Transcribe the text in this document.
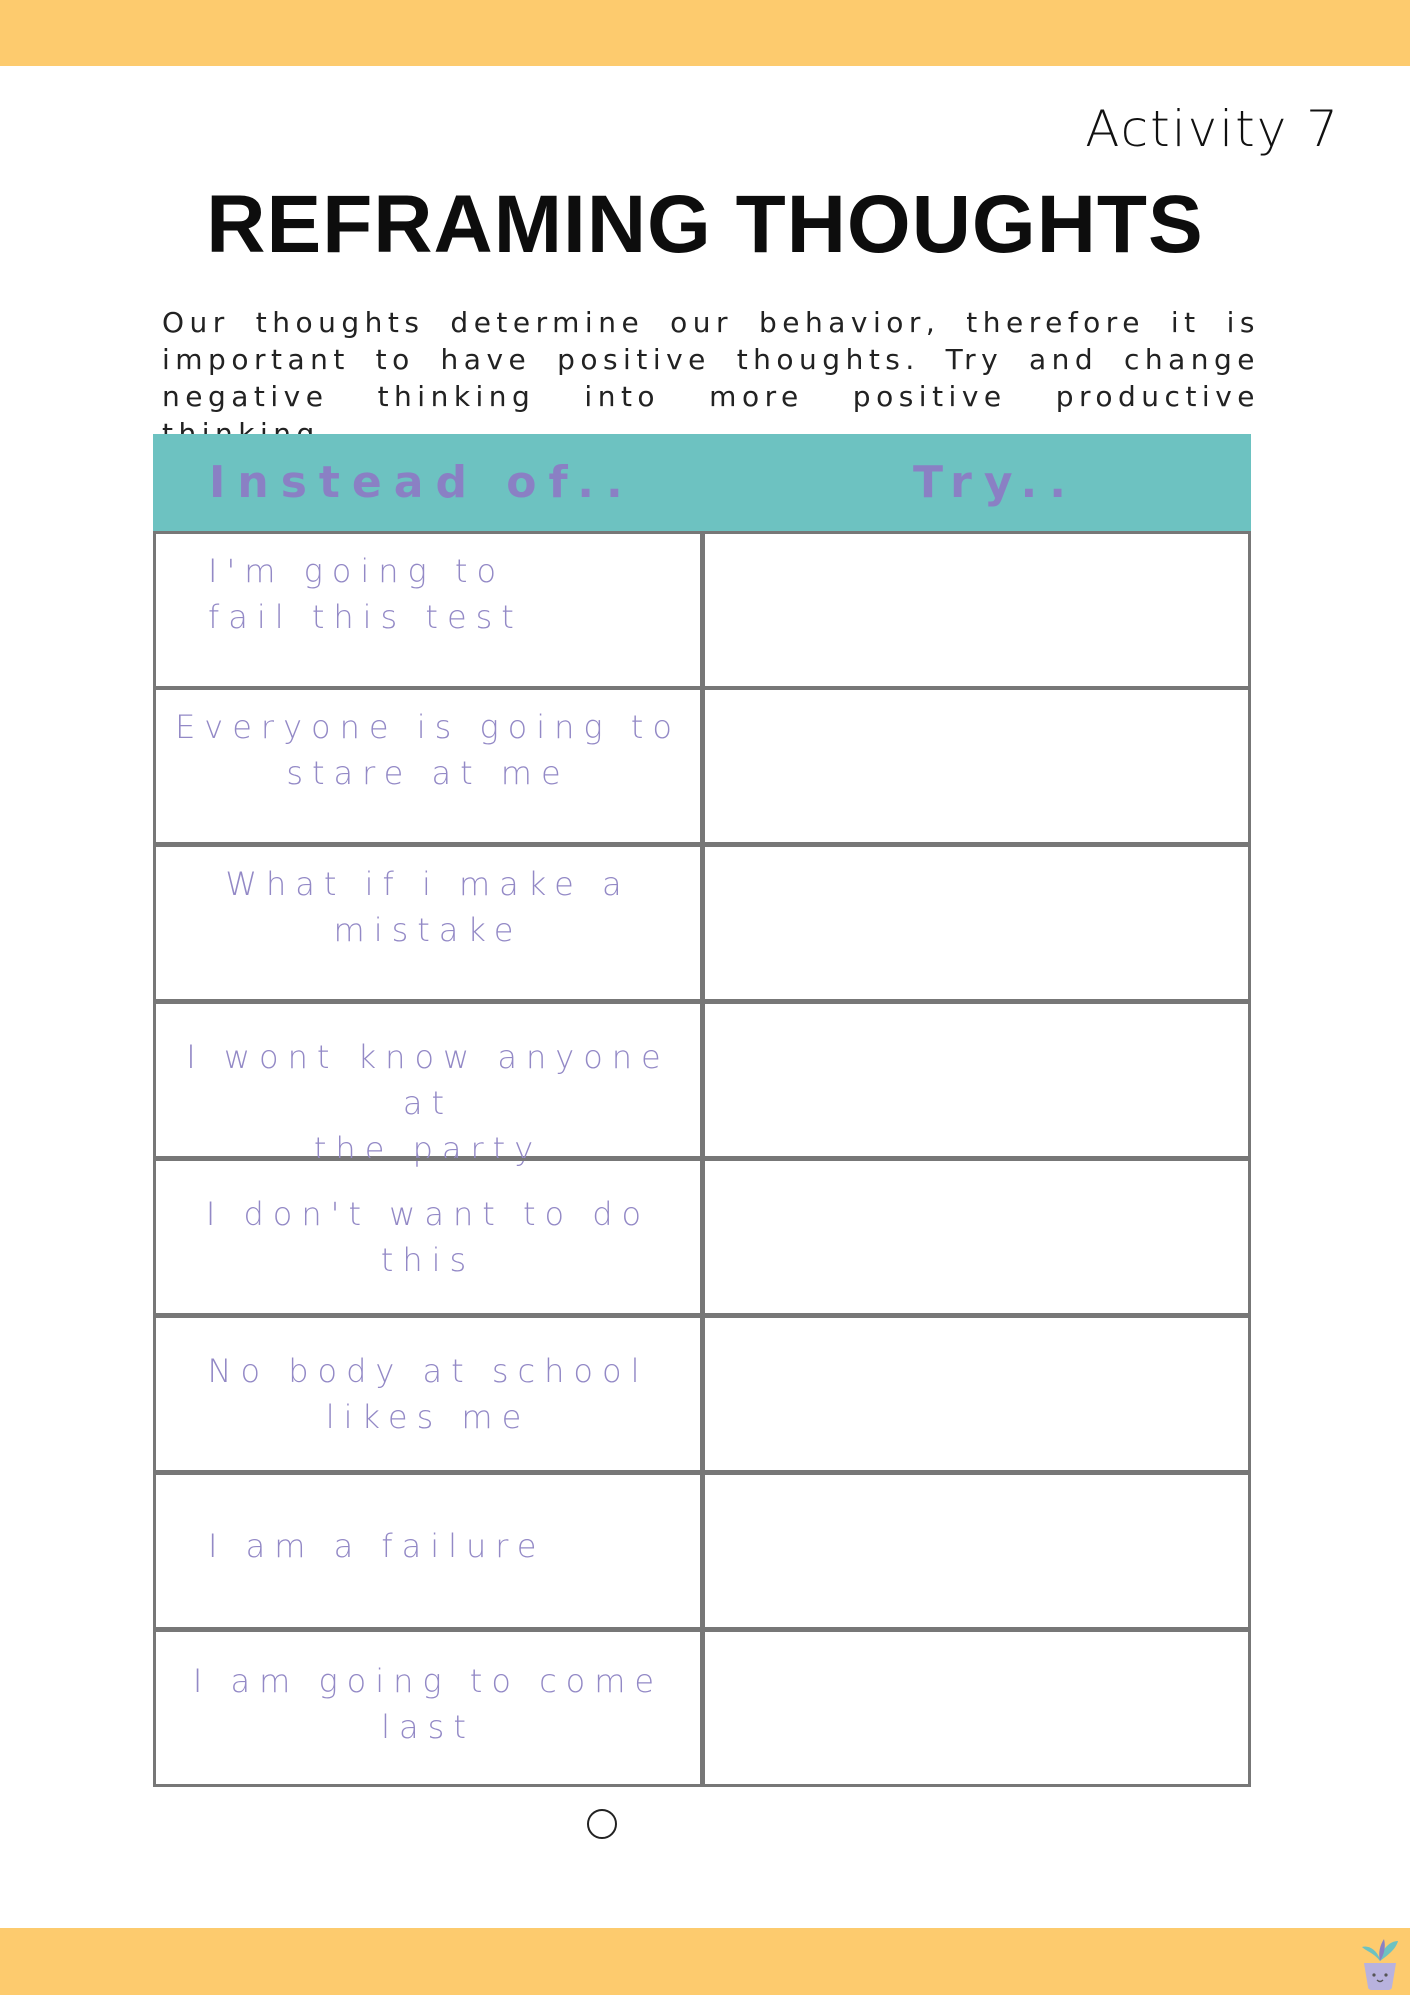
Activity 7
REFRAMING THOUGHTS

Our thoughts determine our behavior, therefore it is important to have positive thoughts. Try and change negative thinking into more positive productive

Instead of..	Try..
I'm going to
fail this test
Everyone is going to
stare at me
What if i make a
mistake
I wont know anyone at
the party
I don't want to do
this
No body at school
likes me
I am a failure
I am going to come
last
